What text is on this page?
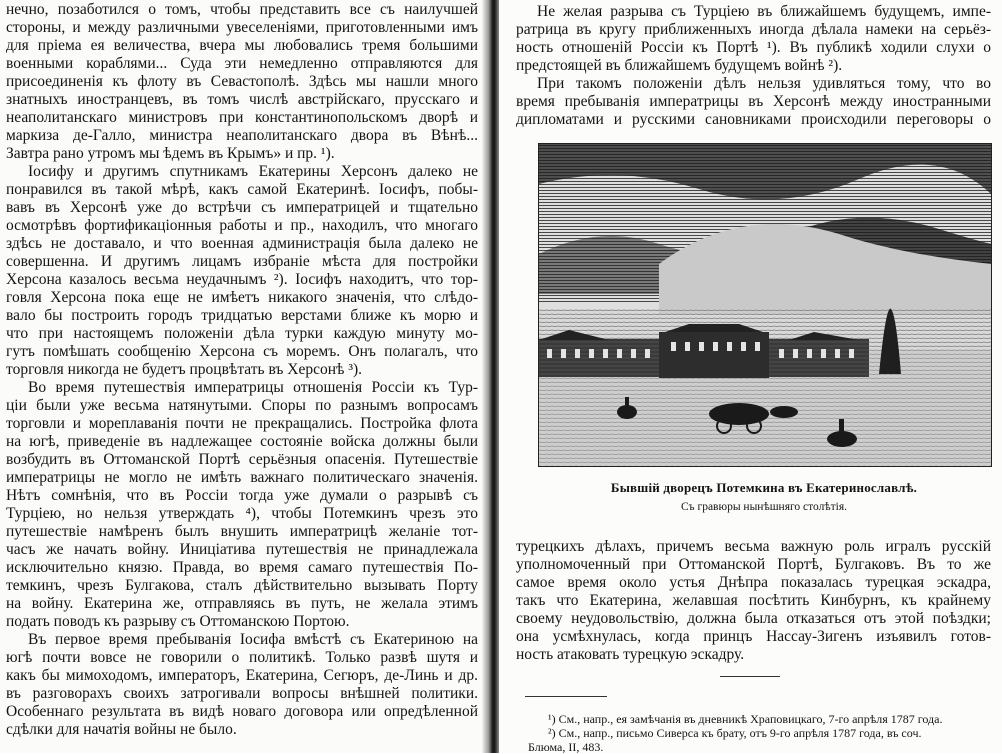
нечно, позаботился о томъ, чтобы представить все съ наилучшей
стороны, и между различными увеселеніями, приготовленными имъ
для пріема ея величества, вчера мы любовались тремя большими
военными кораблями... Суда эти немедленно отправляются для
присоединенія къ флоту въ Севастополѣ. Здѣсь мы нашли много
знатныхъ иностранцевъ, въ томъ числѣ австрійскаго, прусскаго и
неаполитанскаго министровъ при константинопольскомъ дворѣ и
маркиза де-Галло, министра неаполитанскаго двора въ Вѣнѣ...
Завтра рано утромъ мы ѣдемъ въ Крымъ» и пр. ¹).
Іосифу и другимъ спутникамъ Екатерины Херсонъ далеко не
понравился въ такой мѣрѣ, какъ самой Екатеринѣ. Іосифъ, побы-
вавъ въ Херсонѣ уже до встрѣчи съ императрицей и тщательно
осмотрѣвъ фортификаціонныя работы и пр., находилъ, что многаго
здѣсь не доставало, и что военная администрація была далеко не
совершенна. И другимъ лицамъ избраніе мѣста для постройки
Херсона казалось весьма неудачнымъ ²). Іосифъ находитъ, что тор-
говля Херсона пока еще не имѣетъ никакого значенія, что слѣдо-
вало бы построить городъ тридцатью верстами ближе къ морю и
что при настоящемъ положеніи дѣла турки каждую минуту мо-
гутъ помѣшать сообщенію Херсона съ моремъ. Онъ полагалъ, что
торговля никогда не будетъ процвѣтать въ Херсонѣ ³).
Во время путешествія императрицы отношенія Россіи къ Тур-
ціи были уже весьма натянутыми. Споры по разнымъ вопросамъ
торговли и мореплаванія почти не прекращались. Постройка флота
на югѣ, приведеніе въ надлежащее состояніе войска должны были
возбудить въ Оттоманской Портѣ серьёзныя опасенія. Путешествіе
императрицы не могло не имѣть важнаго политическаго значенія.
Нѣтъ сомнѣнія, что въ Россіи тогда уже думали о разрывѣ съ
Турціею, но нельзя утверждать ⁴), чтобы Потемкинъ чрезъ это
путешествіе намѣренъ былъ внушить императрицѣ желаніе тот-
часъ же начать войну. Иниціатива путешествія не принадлежала
исключительно князю. Правда, во время самаго путешествія По-
темкинъ, чрезъ Булгакова, сталъ дѣйствительно вызывать Порту
на войну. Екатерина же, отправляясь въ путь, не желала этимъ
подать поводъ къ разрыву съ Оттоманскою Портою.
Въ первое время пребыванія Іосифа вмѣстѣ съ Екатериною на
югѣ почти вовсе не говорили о политикѣ. Только развѣ шутя и
какъ бы мимоходомъ, императоръ, Екатерина, Сегюръ, де-Линь и др.
въ разговорахъ своихъ затрогивали вопросы внѣшней политики.
Особеннаго результата въ видѣ новаго договора или опредѣленной
сдѣлки для начатія войны не было.
Не желая разрыва съ Турціею въ ближайшемъ будущемъ, импе-
ратрица въ кругу приближенныхъ иногда дѣлала намеки на серьёз-
ность отношеній Россіи къ Портѣ ¹). Въ публикѣ ходили слухи о
предстоящей въ ближайшемъ будущемъ войнѣ ²).
При такомъ положеніи дѣлъ нельзя удивляться тому, что во
время пребыванія императрицы въ Херсонѣ между иностранными
дипломатами и русскими сановниками происходили переговоры о
Бывшій дворецъ Потемкина въ Екатеринославлѣ.
Съ гравюры нынѣшняго столѣтія.
турецкихъ дѣлахъ, причемъ весьма важную роль игралъ русскій
уполномоченный при Оттоманской Портѣ, Булгаковъ. Въ то же
самое время около устья Днѣпра показалась турецкая эскадра,
такъ что Екатерина, желавшая посѣтить Кинбурнъ, къ крайнему
своему неудовольствію, должна была отказаться отъ этой поѣздки;
она усмѣхнулась, когда принцъ Нассау-Зигенъ изъявилъ готов-
ность атаковать турецкую эскадру.
¹) См., напр., ея замѣчанія въ дневникѣ Храповицкаго, 7-го апрѣля 1787 года.
²) См., напр., письмо Сиверса къ брату, отъ 9-го апрѣля 1787 года, въ соч.
Блюма, II, 483.
